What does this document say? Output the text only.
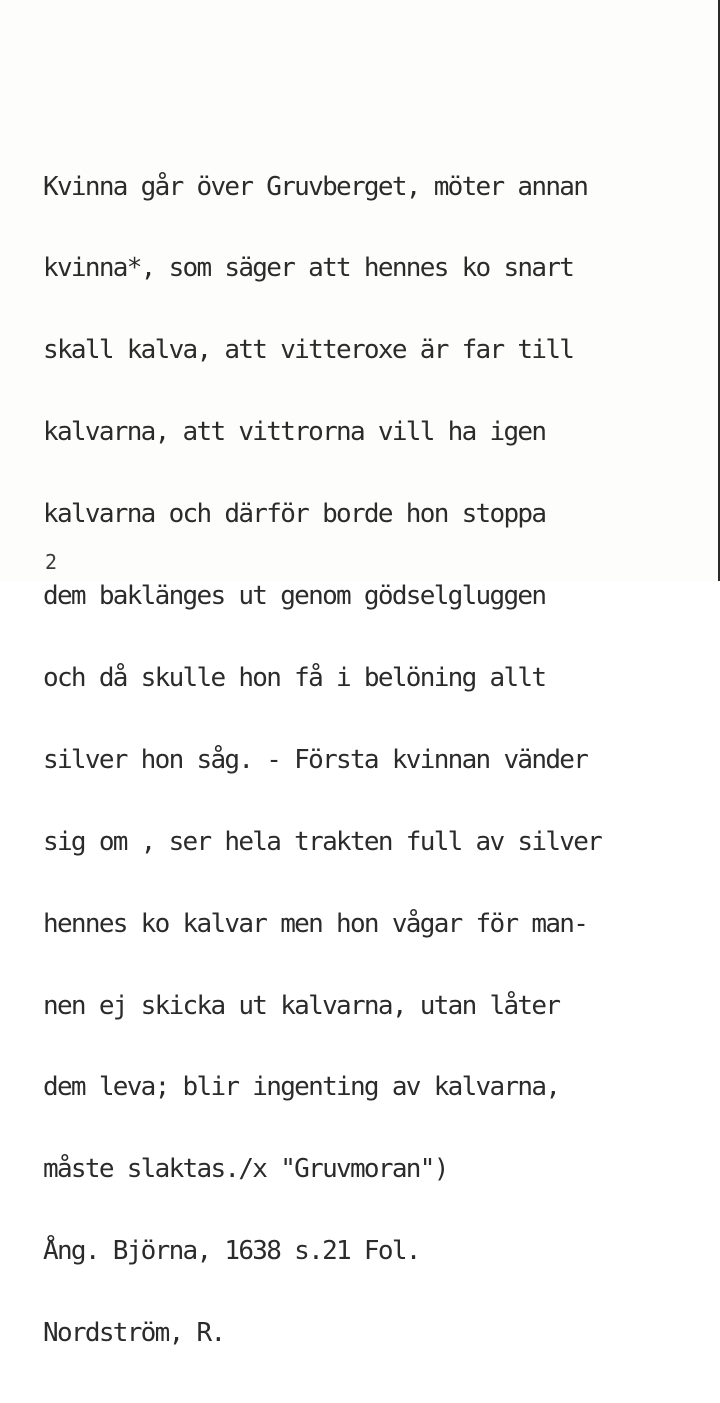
Kvinna går över Gruvberget, möter annan

kvinna*, som säger att hennes ko snart

skall kalva, att vitteroxe är far till

kalvarna, att vittrorna vill ha igen

kalvarna och därför borde hon stoppa

dem baklänges ut genom gödselgluggen

och då skulle hon få i belöning allt

silver hon såg. - Första kvinnan vänder

sig om , ser hela trakten full av silver

hennes ko kalvar men hon vågar för man-

nen ej skicka ut kalvarna, utan låter

dem leva; blir ingenting av kalvarna,

måste slaktas./x "Gruvmoran")

Ång. Björna, 1638 s.21 Fol.

Nordström, R.

2
